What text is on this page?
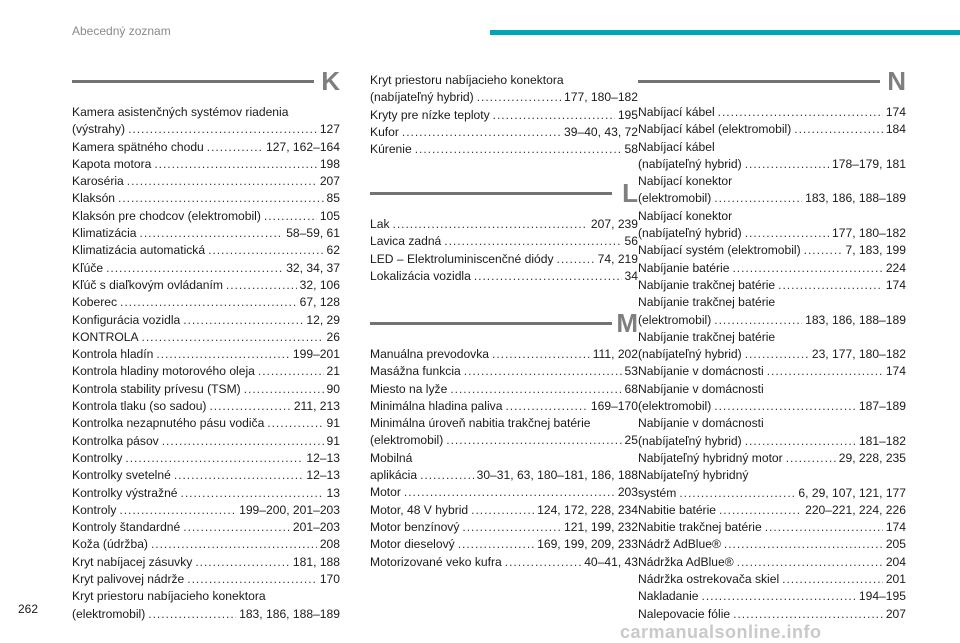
Abecedný zoznam
K
Kamera asistenčných systémov riadenia
(výstrahy) . . .	127
Kamera spätného chodu . . .	127, 162–164
Kapota motora . . .	198
Karoséria . . .	207
Klaksón . . .	85
Klaksón pre chodcov (elektromobil) . . .	105
Klimatizácia . . .	58–59, 61
Klimatizácia automatická . . .	62
Kľúče . . .	32, 34, 37
Kľúč s diaľkovým ovládaním . . .	32, 106
Koberec . . .	67, 128
Konfigurácia vozidla . . .	12, 29
KONTROLA . . .	26
Kontrola hladín . . .	199–201
Kontrola hladiny motorového oleja . . .	21
Kontrola stability prívesu (TSM) . . .	90
Kontrola tlaku (so sadou) . . .	211, 213
Kontrolka nezapnutého pásu vodiča . . .	91
Kontrolka pásov . . .	91
Kontrolky . . .	12–13
Kontrolky svetelné . . .	12–13
Kontrolky výstražné . . .	13
Kontroly . . .	199–200, 201–203
Kontroly štandardné . . .	201–203
Koža (údržba) . . .	208
Kryt nabíjacej zásuvky . . .	181, 188
Kryt palivovej nádrže . . .	170
Kryt priestoru nabíjacieho konektora
(elektromobil) . . .	183, 186, 188–189
Kryt priestoru nabíjacieho konektora
(nabíjateľný hybrid) . . .	177, 180–182
Kryty pre nízke teploty . . .	195
Kufor . . .	39–40, 43, 72
Kúrenie . . .	58
L
Lak . . .	207, 239
Lavica zadná . . .	56
LED – Elektroluminiscenčné diódy . . .	74, 219
Lokalizácia vozidla . . .	34
M
Manuálna prevodovka . . .	111, 202
Masážna funkcia . . .	53
Miesto na lyže . . .	68
Minimálna hladina paliva . . .	169–170
Minimálna úroveň nabitia trakčnej batérie
(elektromobil) . . .	25
Mobilná
aplikácia . . .	30–31, 63, 180–181, 186, 188
Motor . . .	203
Motor, 48 V hybrid . . .	124, 172, 228, 234
Motor benzínový . . .	121, 199, 232
Motor dieselový . . .	169, 199, 209, 233
Motorizované veko kufra . . .	40–41, 43
N
Nabíjací kábel . . .	174
Nabíjací kábel (elektromobil) . . .	184
Nabíjací kábel
(nabíjateľný hybrid) . . .	178–179, 181
Nabíjací konektor
(elektromobil) . . .	183, 186, 188–189
Nabíjací konektor
(nabíjateľný hybrid) . . .	177, 180–182
Nabíjací systém (elektromobil) . . .	7, 183, 199
Nabíjanie batérie . . .	224
Nabíjanie trakčnej batérie . . .	174
Nabíjanie trakčnej batérie
(elektromobil) . . .	183, 186, 188–189
Nabíjanie trakčnej batérie
(nabíjateľný hybrid) . . .	23, 177, 180–182
Nabíjanie v domácnosti . . .	174
Nabíjanie v domácnosti
(elektromobil) . . .	187–189
Nabíjanie v domácnosti
(nabíjateľný hybrid) . . .	181–182
Nabíjateľný hybridný motor . . .	29, 228, 235
Nabíjateľný hybridný
systém . . .	6, 29, 107, 121, 177
Nabitie batérie . . .	220–221, 224, 226
Nabitie trakčnej batérie . . .	174
Nádrž AdBlue® . . .	205
Nádržka AdBlue® . . .	204
Nádržka ostrekovača skiel . . .	201
Nakladanie . . .	194–195
Nalepovacie fólie . . .	207
262
carmanualsonline.info
